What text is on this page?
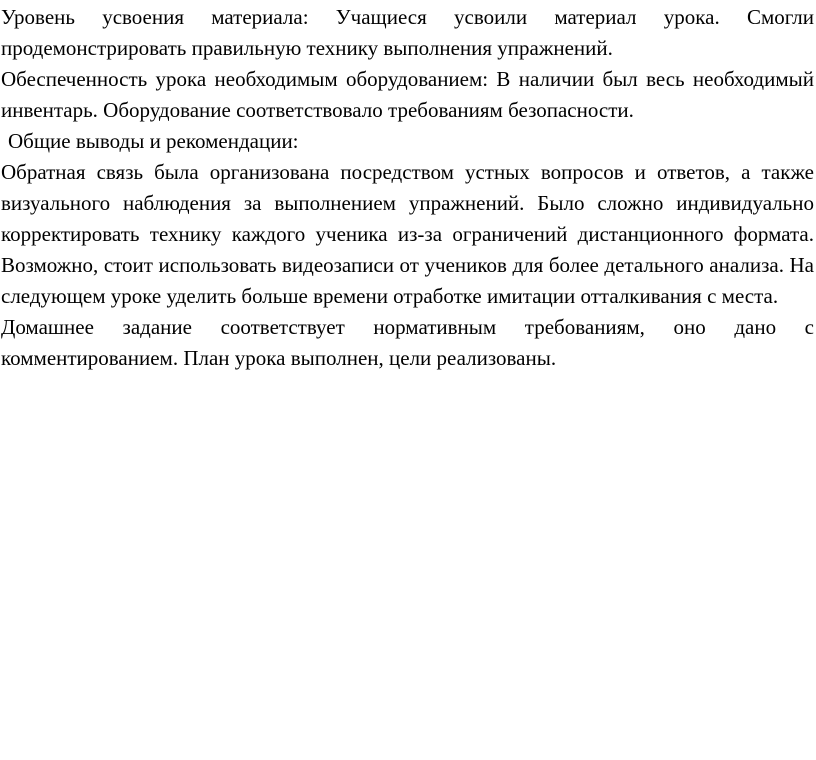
Уровень усвоения материала: Учащиеся усвоили материал урока. Смогли продемонстрировать правильную технику выполнения упражнений.

Обеспеченность урока необходимым оборудованием: В наличии был весь необходимый инвентарь. Оборудование соответствовало требованиям безопасности.

Общие выводы и рекомендации:

Обратная связь была организована посредством устных вопросов и ответов, а также визуального наблюдения за выполнением упражнений. Было сложно индивидуально корректировать технику каждого ученика из-за ограничений дистанционного формата. Возможно, стоит использовать видеозаписи от учеников для более детального анализа. На следующем уроке уделить больше времени отработке имитации отталкивания с места.

Домашнее задание соответствует нормативным требованиям, оно дано с комментированием. План урока выполнен, цели реализованы.
